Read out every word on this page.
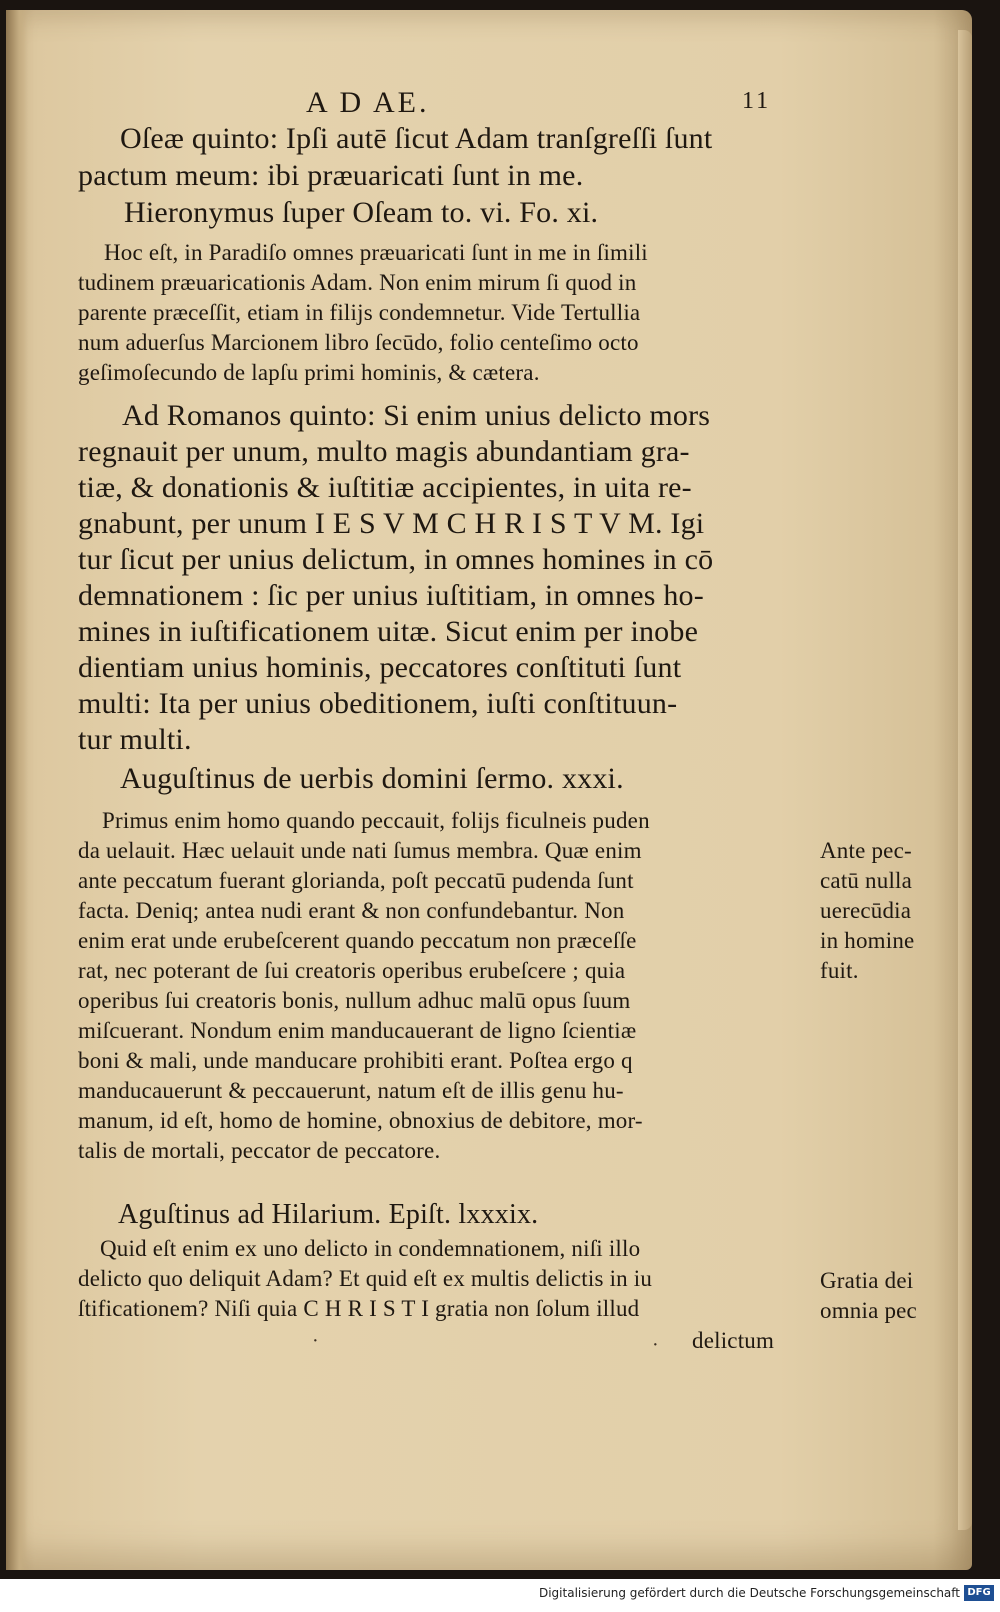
A D AE.	11
Oſeæ quinto: Ipſi autē ſicut Adam tranſgreſſi ſunt
pactum meum: ibi præuaricati ſunt in me.
Hieronymus ſuper Oſeam to. vi. Fo. xi.
Hoc eſt, in Paradiſo omnes præuaricati ſunt in me in ſimili
tudinem præuaricationis Adam. Non enim mirum ſi quod in
parente præceſſit, etiam in filijs condemnetur. Vide Tertullia
num aduerſus Marcionem libro ſecūdo, folio centeſimo octo
geſimoſecundo de lapſu primi hominis, & cætera.
Ad Romanos quinto: Si enim unius delicto mors
regnauit per unum, multo magis abundantiam gra-
tiæ, & donationis & iuſtitiæ accipientes, in uita re-
gnabunt, per unum I E S V M C H R I S T V M. Igi
tur ſicut per unius delictum, in omnes homines in cō
demnationem : ſic per unius iuſtitiam, in omnes ho-
mines in iuſtificationem uitæ. Sicut enim per inobe
dientiam unius hominis, peccatores conſtituti ſunt
multi: Ita per unius obeditionem, iuſti conſtituun-
tur multi.
Auguſtinus de uerbis domini ſermo. xxxi.
Primus enim homo quando peccauit, folijs ficulneis puden
da uelauit. Hæc uelauit unde nati ſumus membra. Quæ enim
ante peccatum fuerant glorianda, poſt peccatū pudenda ſunt
facta. Deniq; antea nudi erant & non confundebantur. Non
enim erat unde erubeſcerent quando peccatum non præceſſe
rat, nec poterant de ſui creatoris operibus erubeſcere ; quia
operibus ſui creatoris bonis, nullum adhuc malū opus ſuum
miſcuerant. Nondum enim manducauerant de ligno ſcientiæ
boni & mali, unde manducare prohibiti erant. Poſtea ergo q
manducauerunt & peccauerunt, natum eſt de illis genu hu-
manum, id eſt, homo de homine, obnoxius de debitore, mor-
talis de mortali, peccator de peccatore.
Ante pec-
catū nulla
uerecūdia
in homine
fuit.
Aguſtinus ad Hilarium. Epiſt. lxxxix.
Quid eſt enim ex uno delicto in condemnationem, niſi illo
delicto quo deliquit Adam? Et quid eſt ex multis delictis in iu
ſtificationem? Niſi quia C H R I S T I gratia non ſolum illud
Gratia dei
omnia pec
·	· delictum
Digitalisierung gefördert durch die Deutsche Forschungsgemeinschaft DFG
